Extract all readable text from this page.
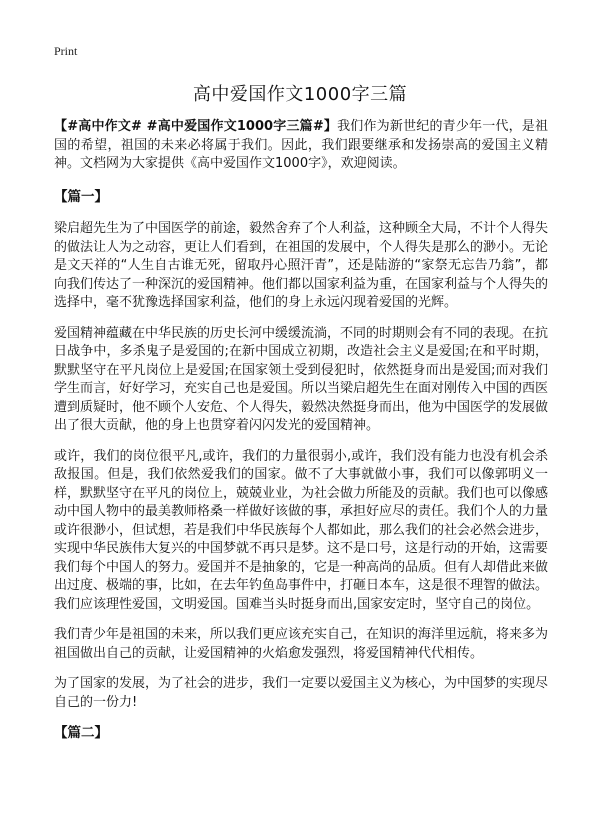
Print
高中爱国作文1000字三篇

【#高中作文# #高中爱国作文1000字三篇#】我们作为新世纪的青少年一代，是祖国的希望，祖国的未来必将属于我们。因此，我们跟要继承和发扬崇高的爱国主义精神。文档网为大家提供《高中爱国作文1000字》，欢迎阅读。

【篇一】

梁启超先生为了中国医学的前途，毅然舍弃了个人利益，这种顾全大局，不计个人得失的做法让人为之动容，更让人们看到，在祖国的发展中，个人得失是那么的渺小。无论是文天祥的“人生自古谁无死，留取丹心照汗青”，还是陆游的“家祭无忘告乃翁”，都向我们传达了一种深沉的爱国精神。他们都以国家利益为重，在国家利益与个人得失的选择中，毫不犹豫选择国家利益，他们的身上永远闪现着爱国的光辉。

爱国精神蕴藏在中华民族的历史长河中缓缓流淌，不同的时期则会有不同的表现。在抗日战争中，多杀鬼子是爱国的;在新中国成立初期，改造社会主义是爱国;在和平时期，默默坚守在平凡岗位上是爱国;在国家领土受到侵犯时，依然挺身而出是爱国;而对我们学生而言，好好学习，充实自己也是爱国。所以当梁启超先生在面对刚传入中国的西医遭到质疑时，他不顾个人安危、个人得失，毅然决然挺身而出，他为中国医学的发展做出了很大贡献，他的身上也贯穿着闪闪发光的爱国精神。

或许，我们的岗位很平凡,或许，我们的力量很弱小,或许，我们没有能力也没有机会杀敌报国。但是，我们依然爱我们的国家。做不了大事就做小事，我们可以像郭明义一样，默默坚守在平凡的岗位上，兢兢业业，为社会做力所能及的贡献。我们也可以像感动中国人物中的最美教师格桑一样做好该做的事，承担好应尽的责任。我们个人的力量或许很渺小，但试想，若是我们中华民族每个人都如此，那么我们的社会必然会进步，实现中华民族伟大复兴的中国梦就不再只是梦。这不是口号，这是行动的开始，这需要我们每个中国人的努力。爱国并不是抽象的，它是一种高尚的品质。但有人却借此来做出过度、极端的事，比如，在去年钓鱼岛事件中，打砸日本车，这是很不理智的做法。我们应该理性爱国，文明爱国。国难当头时挺身而出,国家安定时，坚守自己的岗位。

我们青少年是祖国的未来，所以我们更应该充实自己，在知识的海洋里远航，将来多为祖国做出自己的贡献，让爱国精神的火焰愈发强烈，将爱国精神代代相传。

为了国家的发展，为了社会的进步，我们一定要以爱国主义为核心，为中国梦的实现尽自己的一份力!

【篇二】
